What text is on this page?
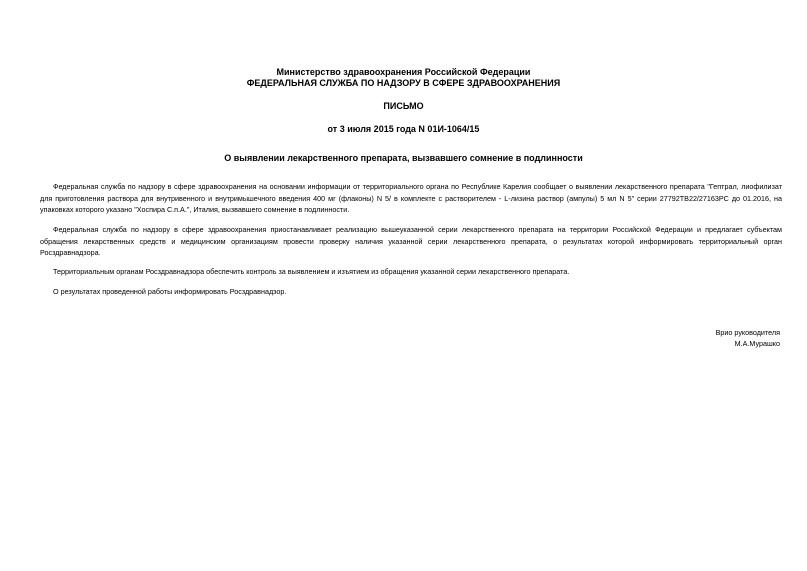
Министерство здравоохранения Российской Федерации
ФЕДЕРАЛЬНАЯ СЛУЖБА ПО НАДЗОРУ В СФЕРЕ ЗДРАВООХРАНЕНИЯ
ПИСЬМО
от 3 июля 2015 года N 01И-1064/15
О выявлении лекарственного препарата, вызвавшего сомнение в подлинности
Федеральная служба по надзору в сфере здравоохранения на основании информации от территориального органа по Республике Карелия сообщает о выявлении лекарственного препарата "Гептрал, лиофилизат
для приготовления раствора для внутривенного и внутримышечного введения 400 мг (флаконы) N 5/ в комплекте с растворителем - L-лизина раствор (ампулы) 5 мл N 5" серии 27792ТВ22/27163РС до 01.2016, на
упаковках которого указано "Хоспира С.п.А.", Италия, вызвавшего сомнение в подлинности.
Федеральная служба по надзору в сфере здравоохранения приостанавливает реализацию вышеуказанной серии лекарственного препарата на территории Российской Федерации и предлагает субъектам
обращения лекарственных средств и медицинским организациям провести проверку наличия указанной серии лекарственного препарата, о результатах которой информировать территориальный орган
Росздравнадзора.
Территориальным органам Росздравнадзора обеспечить контроль за выявлением и изъятием из обращения указанной серии лекарственного препарата.
О результатах проведенной работы информировать Росздравнадзор.
Врио руководителя
М.А.Мурашко
